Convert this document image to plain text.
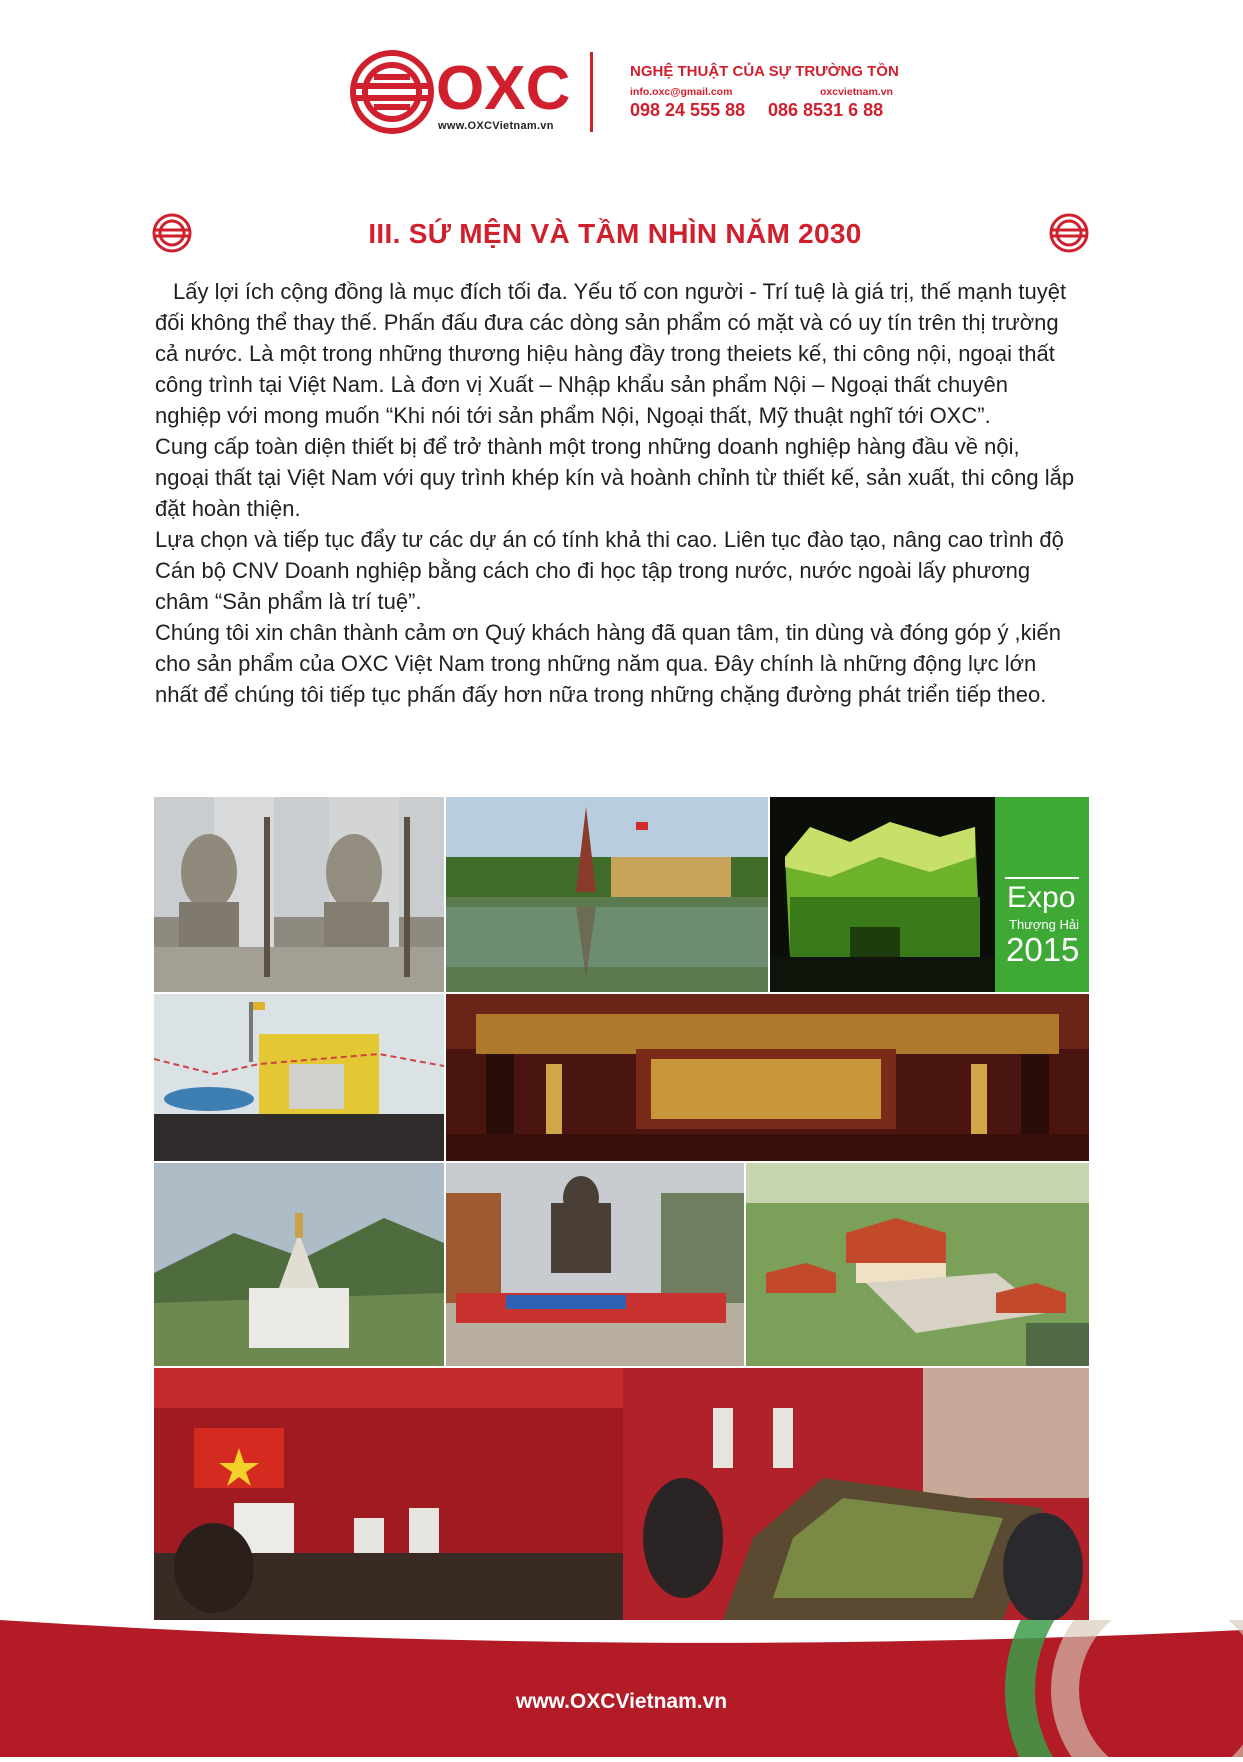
OXC
www.OXCVietnam.vn
NGHỆ THUẬT CỦA SỰ TRƯỜNG TỒN
info.oxc@gmail.com	oxcvietnam.vn
098 24 555 88 086 8531 6 88
III. SỨ MỆN VÀ TẦM NHÌN NĂM 2030

Lấy lợi ích cộng đồng là mục đích tối đa. Yếu tố con người - Trí tuệ là giá trị, thế mạnh tuyệt đối không thể thay thế. Phấn đấu đưa các dòng sản phẩm có mặt và có uy tín trên thị trường cả nước. Là một trong những thương hiệu hàng đầy trong theiets kế, thi công nội, ngoại thất công trình tại Việt Nam. Là đơn vị Xuất – Nhập khẩu sản phẩm Nội – Ngoại thất chuyên nghiệp với mong muốn “Khi nói tới sản phẩm Nội, Ngoại thất, Mỹ thuật nghĩ tới OXC”.

Cung cấp toàn diện thiết bị để trở thành một trong những doanh nghiệp hàng đầu về nội, ngoại thất tại Việt Nam với quy trình khép kín và hoành chỉnh từ thiết kế, sản xuất, thi công lắp đặt hoàn thiện.

Lựa chọn và tiếp tục đẩy tư các dự án có tính khả thi cao. Liên tục đào tạo, nâng cao trình độ Cán bộ CNV Doanh nghiệp bằng cách cho đi học tập trong nước, nước ngoài lấy phương châm “Sản phẩm là trí tuệ”.

Chúng tôi xin chân thành cảm ơn Quý khách hàng đã quan tâm, tin dùng và đóng góp ý ,kiến cho sản phẩm của OXC Việt Nam trong những năm qua. Đây chính là những động lực lớn nhất để chúng tôi tiếp tục phấn đấy hơn nữa trong những chặng đường phát triển tiếp theo.

Expo
Thượng Hải
2015
www.OXCVietnam.vn
